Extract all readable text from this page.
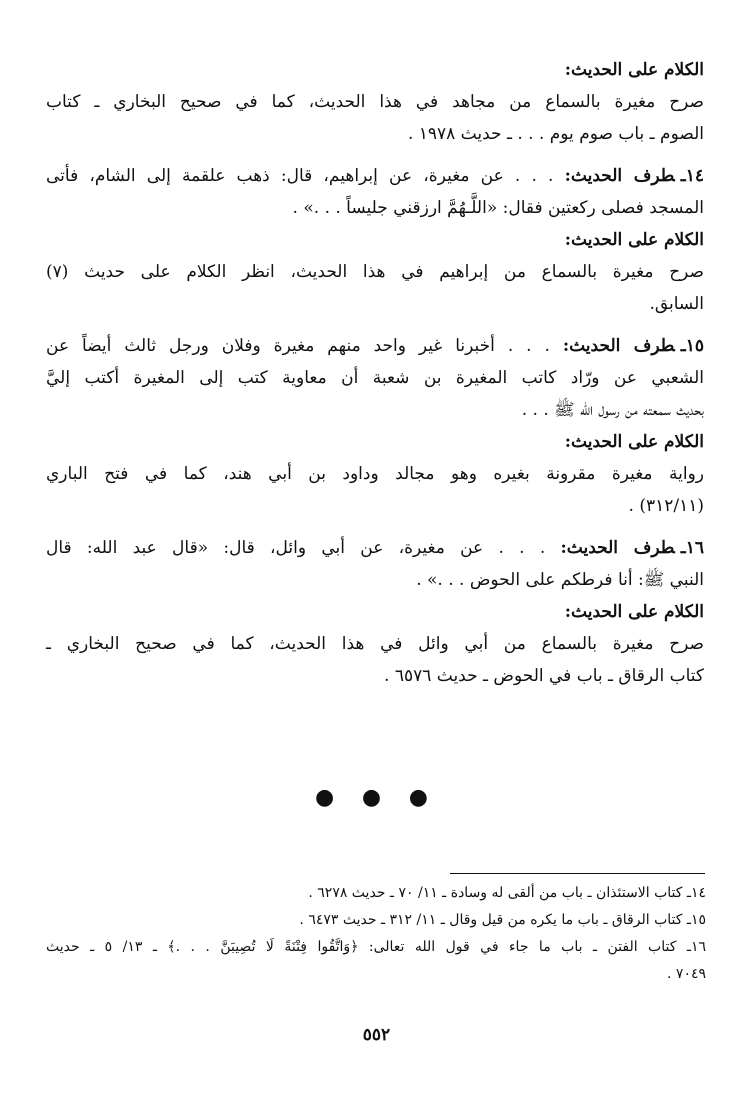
الكلام على الحديث:
صرح مغيرة بالسماع من مجاهد في هذا الحديث، كما في صحيح البخاري ـ كتاب
الصوم ـ باب صوم يوم . . . ـ حديث ١٩٧٨ .
١٤ـطرف الحديث: . . . عن مغيرة، عن إبراهيم، قال: ذهب علقمة إلى الشام، فأتى
المسجد فصلى ركعتين فقال: «اللَّـهُمَّ ارزقني جليساً . . .» .
الكلام على الحديث:
صرح مغيرة بالسماع من إبراهيم في هذا الحديث، انظر الكلام على حديث (٧)
السابق.
١٥ـطرف الحديث: . . . أخبرنا غير واحد منهم مغيرة وفلان ورجل ثالث أيضاً عن
الشعبي عن ورّاد كاتب المغيرة بن شعبة أن معاوية كتب إلى المغيرة أكتب إليَّ
بحديث سمعته من رسول الله ﷺ . . .
الكلام على الحديث:
رواية مغيرة مقرونة بغيره وهو مجالد وداود بن أبي هند، كما في فتح الباري
(٣١٢/١١) .
١٦ـطرف الحديث: . . . عن مغيرة، عن أبي وائل، قال: «قال عبد الله: قال
النبي ﷺ: أنا فرطكم على الحوض . . .» .
الكلام على الحديث:
صرح مغيرة بالسماع من أبي وائل في هذا الحديث، كما في صحيح البخاري ـ
كتاب الرقاق ـ باب في الحوض ـ حديث ٦٥٧٦ .
● ● ●
١٤ـ كتاب الاستئذان ـ باب من ألقى له وسادة ـ ١١/ ٧٠ ـ حديث ٦٢٧٨ .
١٥ـ كتاب الرقاق ـ باب ما يكره من قيل وقال ـ ١١/ ٣١٢ ـ حديث ٦٤٧٣ .
١٦ـ كتاب الفتن ـ باب ما جاء في قول الله تعالى: ﴿وَاتَّقُوا فِتْنَةً لَا تُصِيبَنَّ . . .﴾ ـ ١٣/ ٥ ـ حديث
٧٠٤٩ .
٥٥٢
